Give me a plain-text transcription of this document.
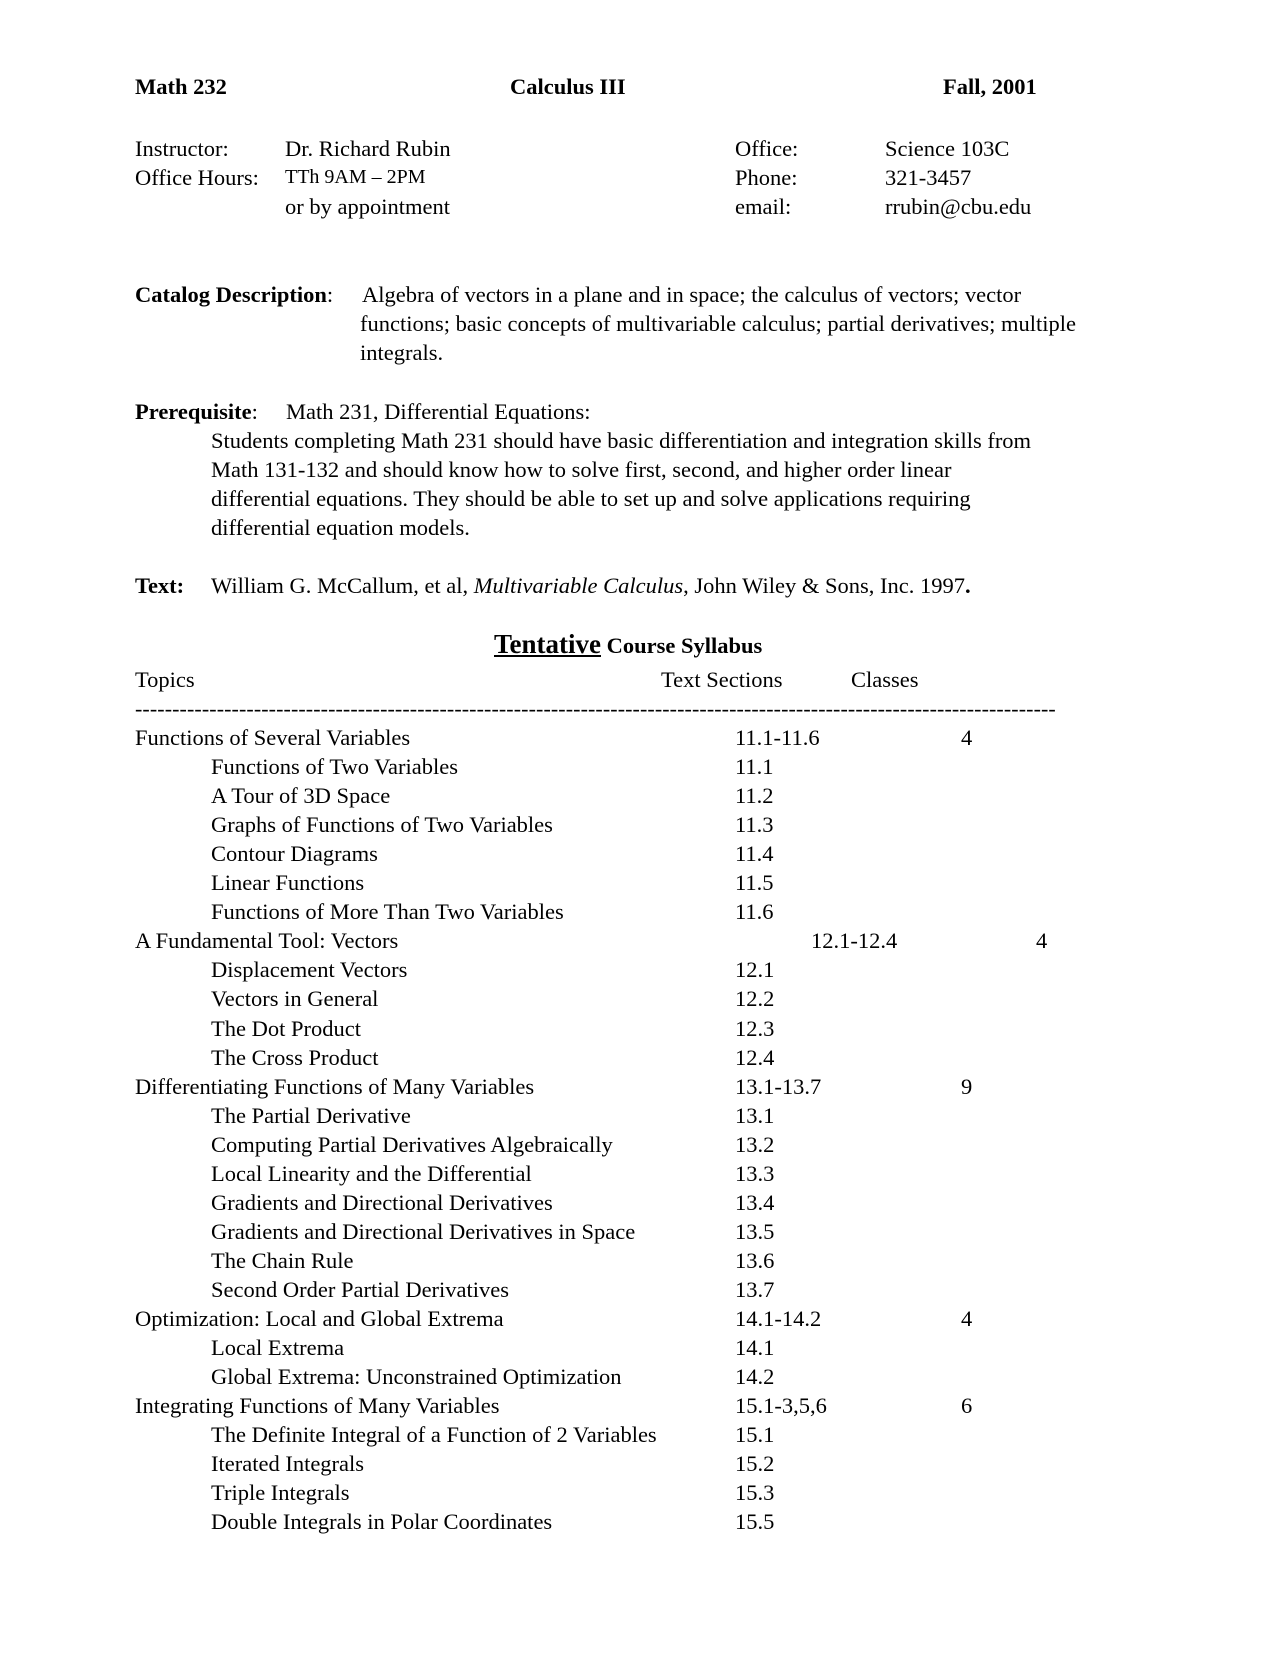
Math 232	Calculus III	Fall, 2001
Instructor:	Dr. Richard Rubin
Office Hours: TTh 9AM – 2PM
or by appointment
Office:	Science 103C
Phone:	321-3457
email:	rrubin@cbu.edu
Catalog Description: Algebra of vectors in a plane and in space; the calculus of vectors; vector
functions; basic concepts of multivariable calculus; partial derivatives; multiple
integrals.
Prerequisite: Math 231, Differential Equations:
Students completing Math 231 should have basic differentiation and integration skills from
Math 131-132 and should know how to solve first, second, and higher order linear
differential equations. They should be able to set up and solve applications requiring
differential equation models.
Text: William G. McCallum, et al, Multivariable Calculus, John Wiley & Sons, Inc. 1997.
Tentative Course Syllabus
Topics	Text Sections	Classes
----------------------------------------------------------------------------------------------------------------------------
Functions of Several Variables	11.1-11.6	4
Functions of Two Variables	11.1
A Tour of 3D Space	11.2
Graphs of Functions of Two Variables	11.3
Contour Diagrams	11.4
Linear Functions	11.5
Functions of More Than Two Variables	11.6
A Fundamental Tool: Vectors	12.1-12.4	4
Displacement Vectors	12.1
Vectors in General	12.2
The Dot Product	12.3
The Cross Product	12.4
Differentiating Functions of Many Variables	13.1-13.7	9
The Partial Derivative	13.1
Computing Partial Derivatives Algebraically	13.2
Local Linearity and the Differential	13.3
Gradients and Directional Derivatives	13.4
Gradients and Directional Derivatives in Space	13.5
The Chain Rule	13.6
Second Order Partial Derivatives	13.7
Optimization: Local and Global Extrema	14.1-14.2	4
Local Extrema	14.1
Global Extrema: Unconstrained Optimization	14.2
Integrating Functions of Many Variables	15.1-3,5,6	6
The Definite Integral of a Function of 2 Variables	15.1
Iterated Integrals	15.2
Triple Integrals	15.3
Double Integrals in Polar Coordinates	15.5
